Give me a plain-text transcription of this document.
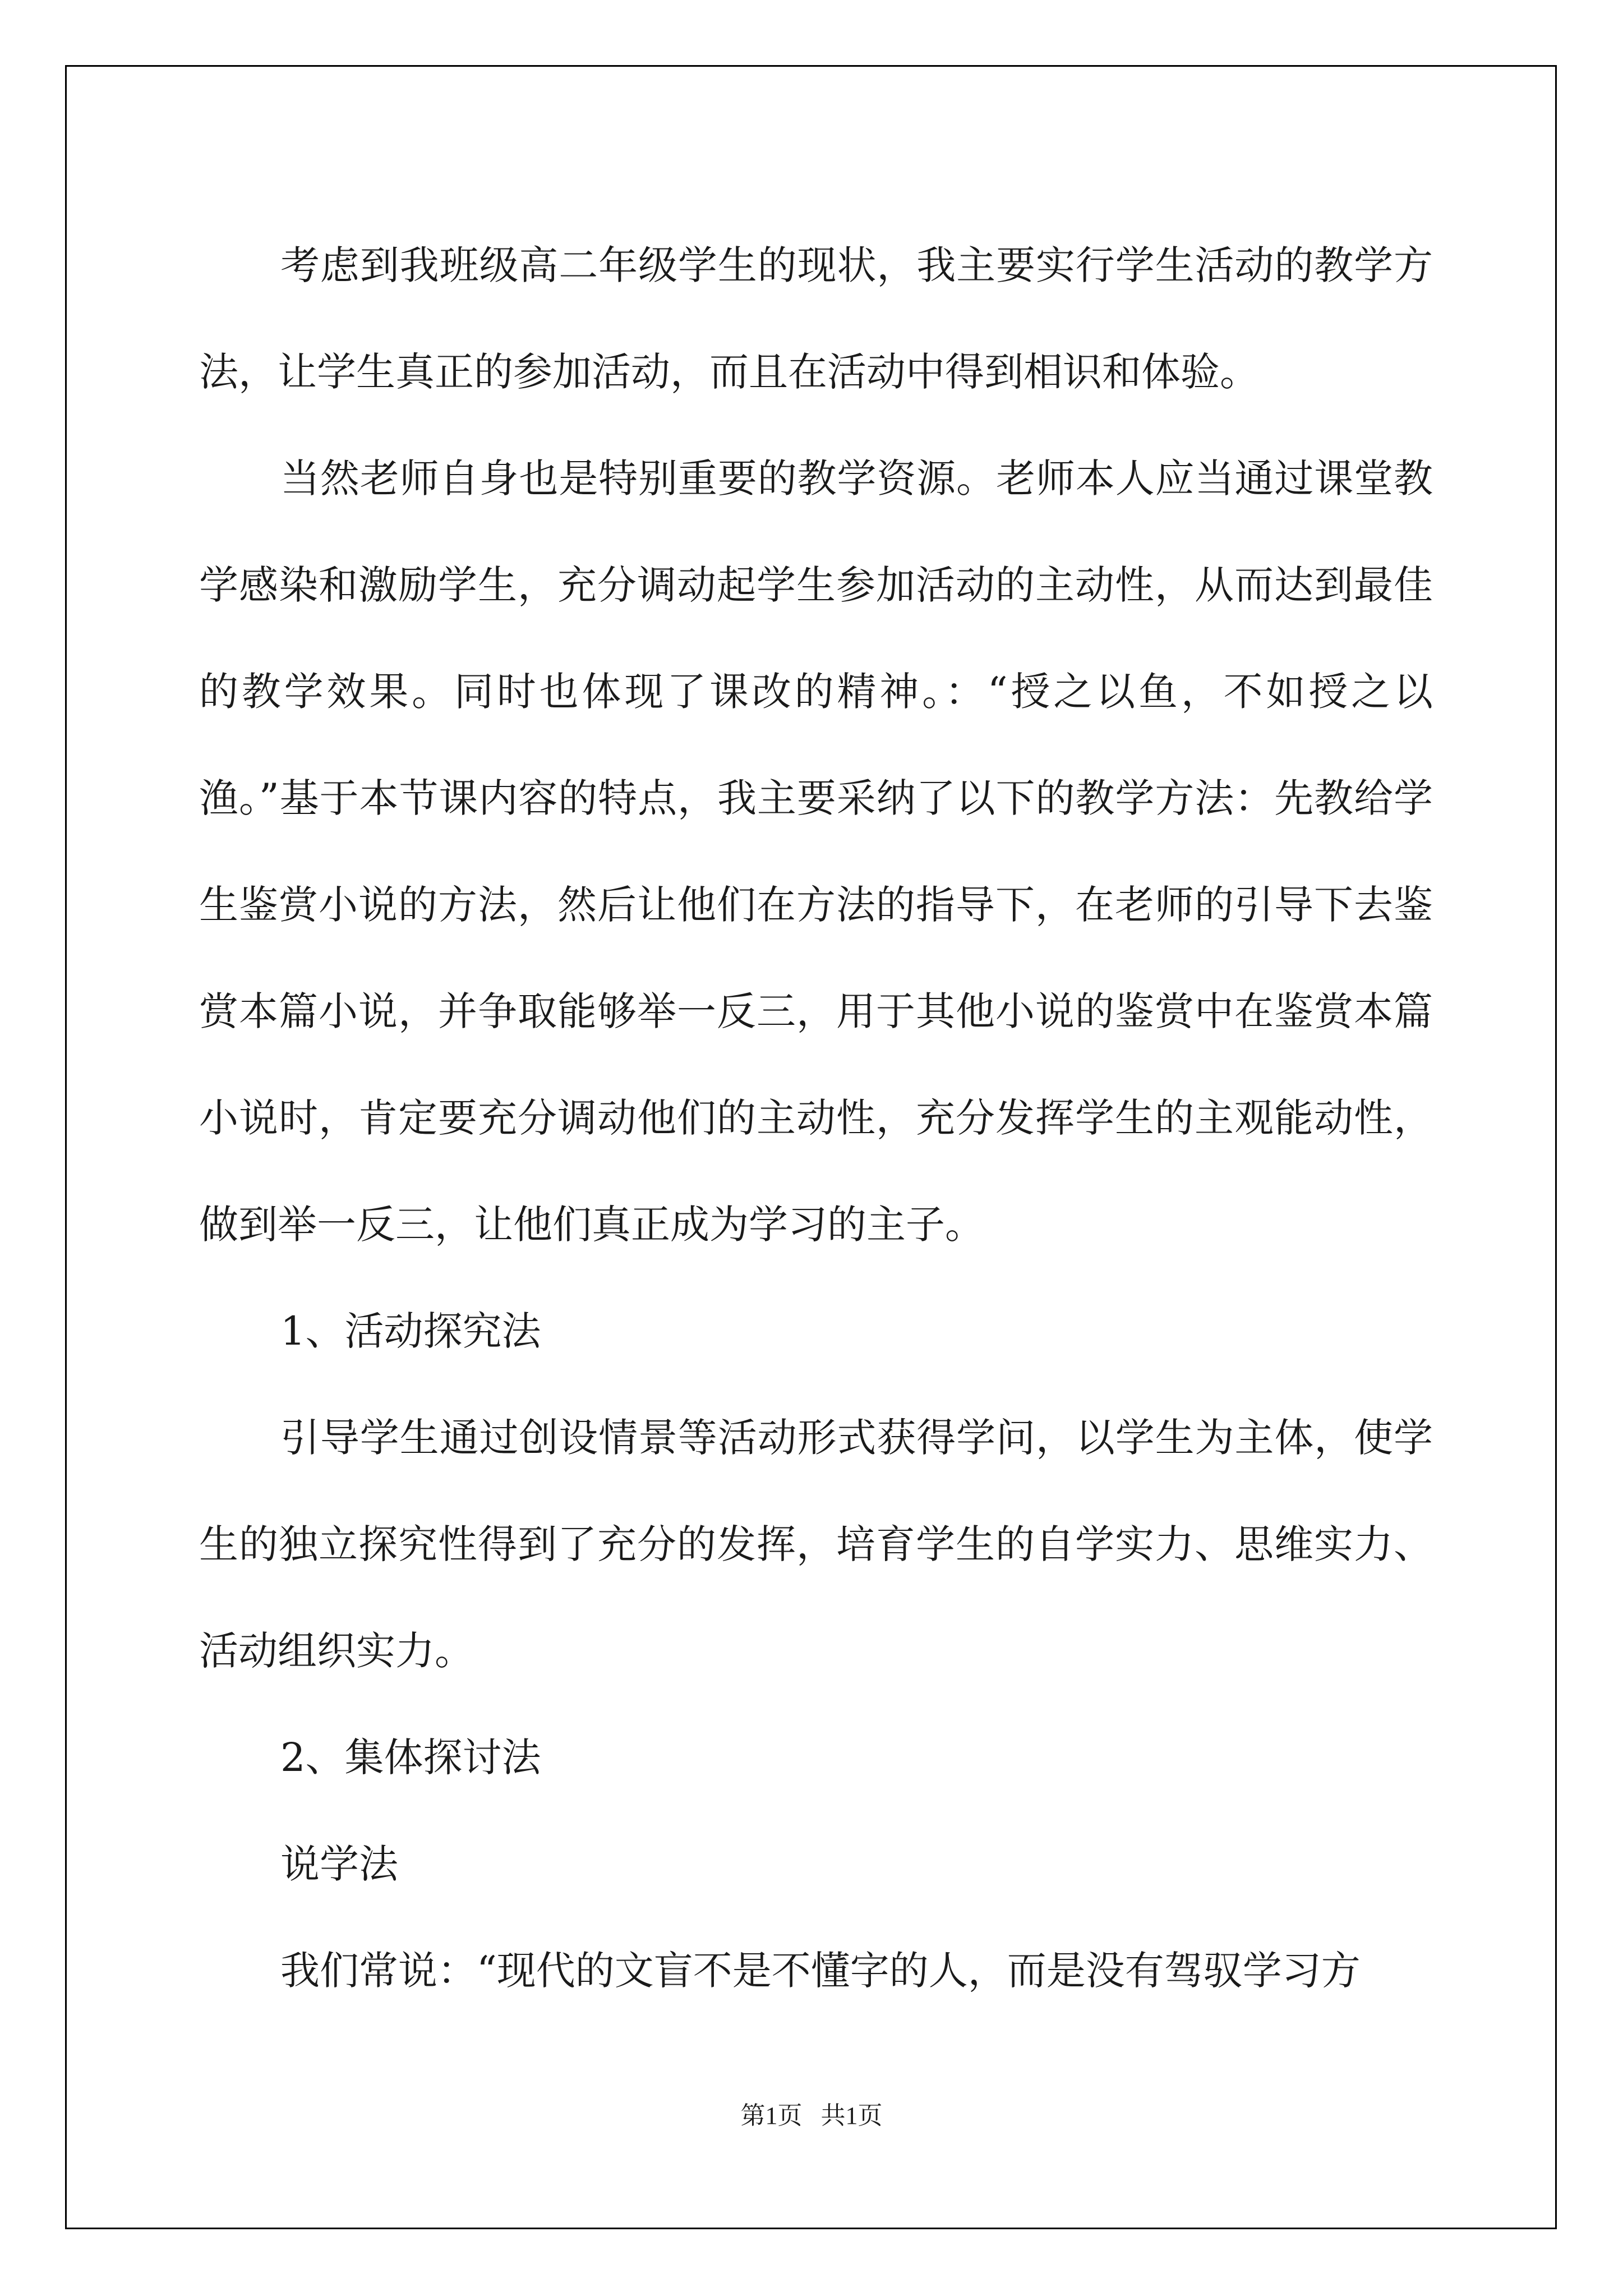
考虑到我班级高二年级学生的现状，我主要实行学生活动的教学方法，让学生真正的参加活动，而且在活动中得到相识和体验。

当然老师自身也是特别重要的教学资源。老师本人应当通过课堂教学感染和激励学生，充分调动起学生参加活动的主动性，从而达到最佳的教学效果。同时也体现了课改的精神。：“授之以鱼，不如授之以渔。”基于本节课内容的特点，我主要采纳了以下的教学方法：先教给学生鉴赏小说的方法，然后让他们在方法的指导下，在老师的引导下去鉴赏本篇小说，并争取能够举一反三，用于其他小说的鉴赏中在鉴赏本篇小说时，肯定要充分调动他们的主动性，充分发挥学生的主观能动性，做到举一反三，让他们真正成为学习的主子。

1、活动探究法

引导学生通过创设情景等活动形式获得学问，以学生为主体，使学生的独立探究性得到了充分的发挥，培育学生的自学实力、思维实力、活动组织实力。

2、集体探讨法

说学法

我们常说：“现代的文盲不是不懂字的人，而是没有驾驭学习方

第1页   共1页
